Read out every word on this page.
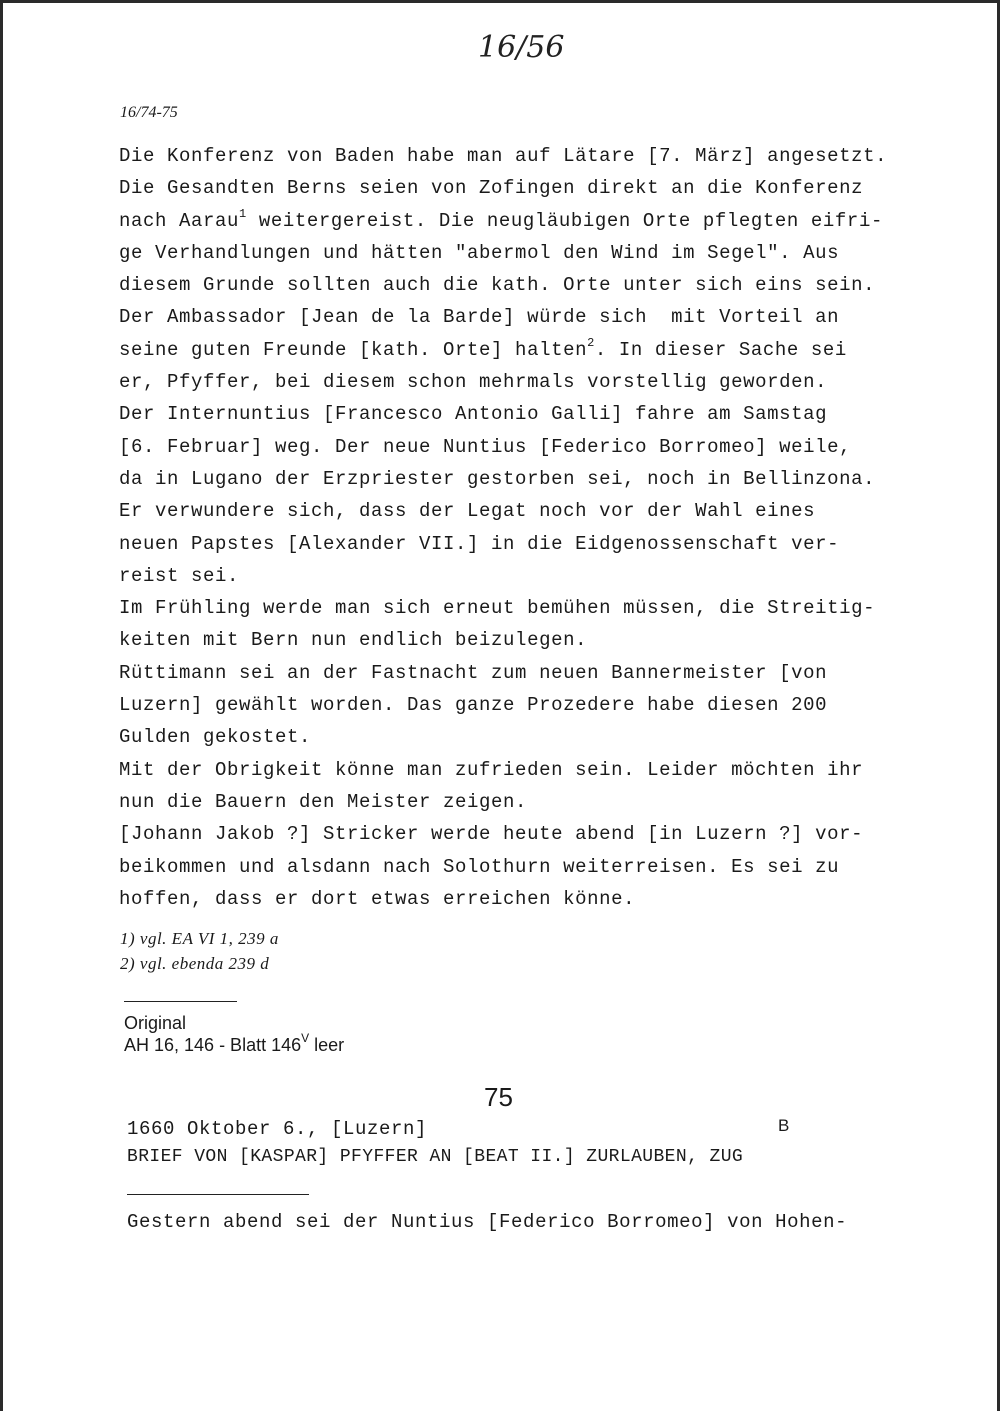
16/56
16/74-75
Die Konferenz von Baden habe man auf Lätare [7. März] angesetzt.
Die Gesandten Berns seien von Zofingen direkt an die Konferenz
nach Aarau$^1$ weitergereist. Die neugläubigen Orte pflegten eifri-
ge Verhandlungen und hätten "abermol den Wind im Segel". Aus
diesem Grunde sollten auch die kath. Orte unter sich eins sein.
Der Ambassador [Jean de la Barde] würde sich  mit Vorteil an
seine guten Freunde [kath. Orte] halten$^2$. In dieser Sache sei
er, Pfyffer, bei diesem schon mehrmals vorstellig geworden.
Der Internuntius [Francesco Antonio Galli] fahre am Samstag
[6. Februar] weg. Der neue Nuntius [Federico Borromeo] weile,
da in Lugano der Erzpriester gestorben sei, noch in Bellinzona.
Er verwundere sich, dass der Legat noch vor der Wahl eines
neuen Papstes [Alexander VII.] in die Eidgenossenschaft ver-
reist sei.
Im Frühling werde man sich erneut bemühen müssen, die Streitig-
keiten mit Bern nun endlich beizulegen.
Rüttimann sei an der Fastnacht zum neuen Bannermeister [von
Luzern] gewählt worden. Das ganze Prozedere habe diesen 200
Gulden gekostet.
Mit der Obrigkeit könne man zufrieden sein. Leider möchten ihr
nun die Bauern den Meister zeigen.
[Johann Jakob ?] Stricker werde heute abend [in Luzern ?] vor-
beikommen und alsdann nach Solothurn weiterreisen. Es sei zu
hoffen, dass er dort etwas erreichen könne.
1) vgl. EA VI 1, 239 a
2) vgl. ebenda 239 d
Original
AH 16, 146 - Blatt $146^V$ leer
75
1660 Oktober 6., [Luzern]	B
BRIEF VON [KASPAR] PFYFFER AN [BEAT II.] ZURLAUBEN, ZUG
Gestern abend sei der Nuntius [Federico Borromeo] von Hohen-
